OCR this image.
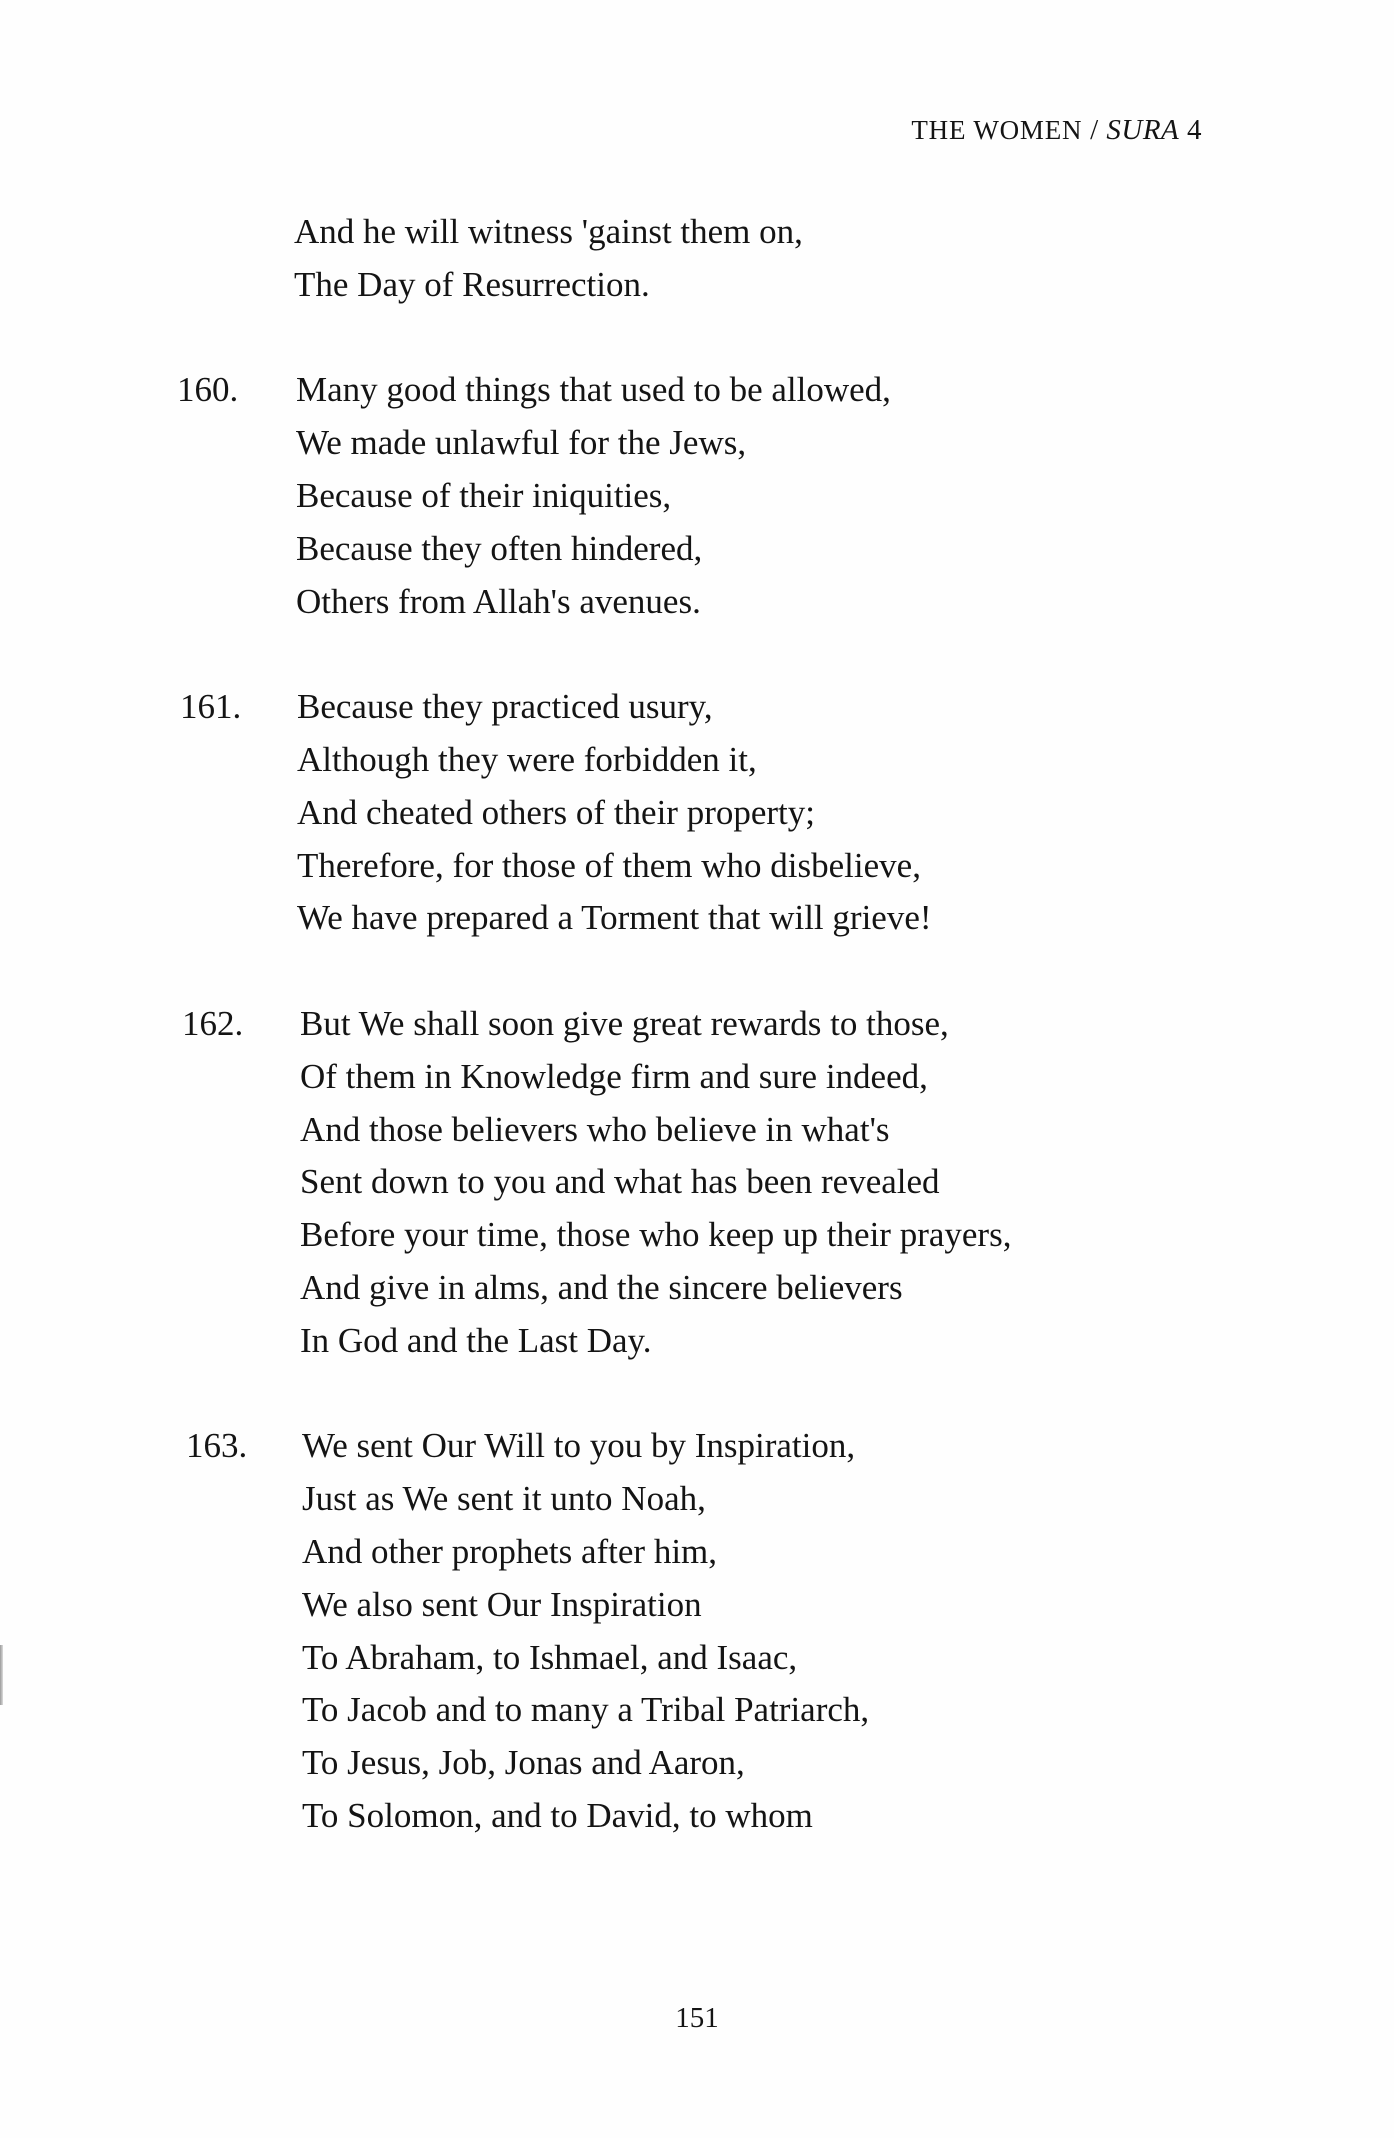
THE WOMEN / SURA 4
And he will witness 'gainst them on,
The Day of Resurrection.
160.	Many good things that used to be allowed,
We made unlawful for the Jews,
Because of their iniquities,
Because they often hindered,
Others from Allah's avenues.
161.	Because they practiced usury,
Although they were forbidden it,
And cheated others of their property;
Therefore, for those of them who disbelieve,
We have prepared a Torment that will grieve!
162.	But We shall soon give great rewards to those,
Of them in Knowledge firm and sure indeed,
And those believers who believe in what's
Sent down to you and what has been revealed
Before your time, those who keep up their prayers,
And give in alms, and the sincere believers
In God and the Last Day.
163.	We sent Our Will to you by Inspiration,
Just as We sent it unto Noah,
And other prophets after him,
We also sent Our Inspiration
To Abraham, to Ishmael, and Isaac,
To Jacob and to many a Tribal Patriarch,
To Jesus, Job, Jonas and Aaron,
To Solomon, and to David, to whom
151
